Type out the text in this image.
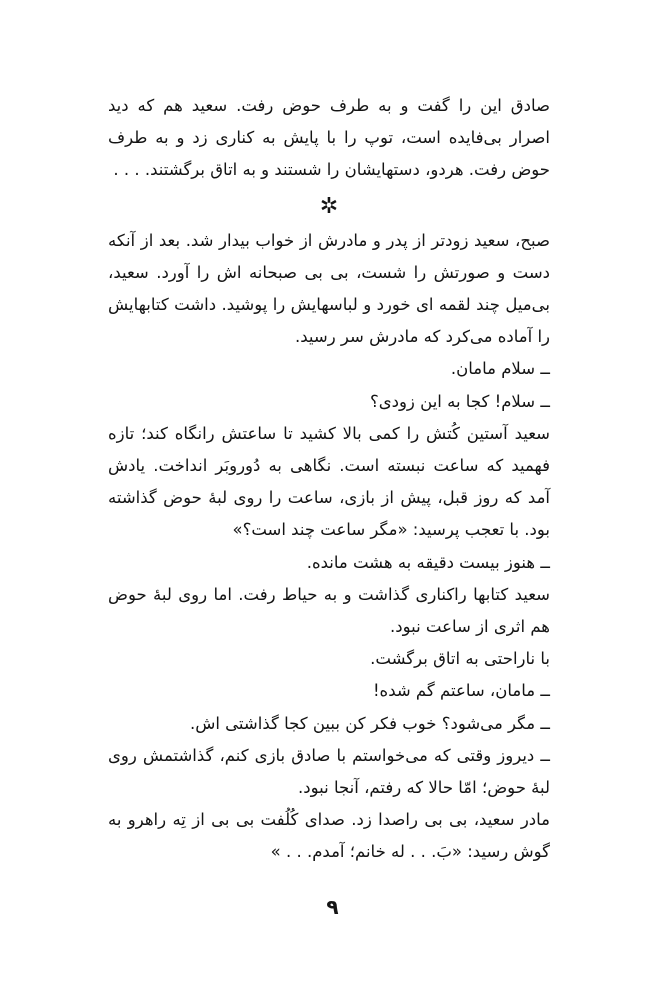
صادق این را گفت و به طرف حوض رفت. سعید هم که دید اصرار بی‌فایده است، توپ را با پایش به کناری زد و به طرف حوض رفت. هردو، دستهایشان را شستند و به اتاق برگشتند. . . .

✲

صبح، سعید زودتر از پدر و مادرش از خواب بیدار شد. بعد از آنکه دست و صورتش را شست، بی بی صبحانه اش را آورد. سعید، بی‌میل چند لقمه ای خورد و لباسهایش را پوشید. داشت کتابهایش را آماده می‌کرد که مادرش سر رسید.

ــ سلام مامان.

ــ سلام! کجا به این زودی؟

سعید آستین کُتش را کمی بالا کشید تا ساعتش رانگاه کند؛ تازه فهمید که ساعت نبسته است. نگاهی به دُوروبَر انداخت. یادش آمد که روز قبل، پیش از بازی، ساعت را روی لبهٔ حوض گذاشته بود. با تعجب پرسید: «مگر ساعت چند است؟»

ــ هنوز بیست دقیقه به هشت مانده.

سعید کتابها راکناری گذاشت و به حیاط رفت. اما روی لبهٔ حوض هم اثری از ساعت نبود.

با ناراحتی به اتاق برگشت.

ــ مامان، ساعتم گم شده!

ــ مگر می‌شود؟ خوب فکر کن ببین کجا گذاشتی اش.

ــ دیروز وقتی که می‌خواستم با صادق بازی کنم، گذاشتمش روی لبهٔ حوض؛ امّا حالا که رفتم، آنجا نبود.

مادر سعید، بی بی راصدا زد. صدای کُلُفت بی بی از تِه راهرو به گوش رسید: «بَ. . . له خانم؛ آمدم. . . »

۹
